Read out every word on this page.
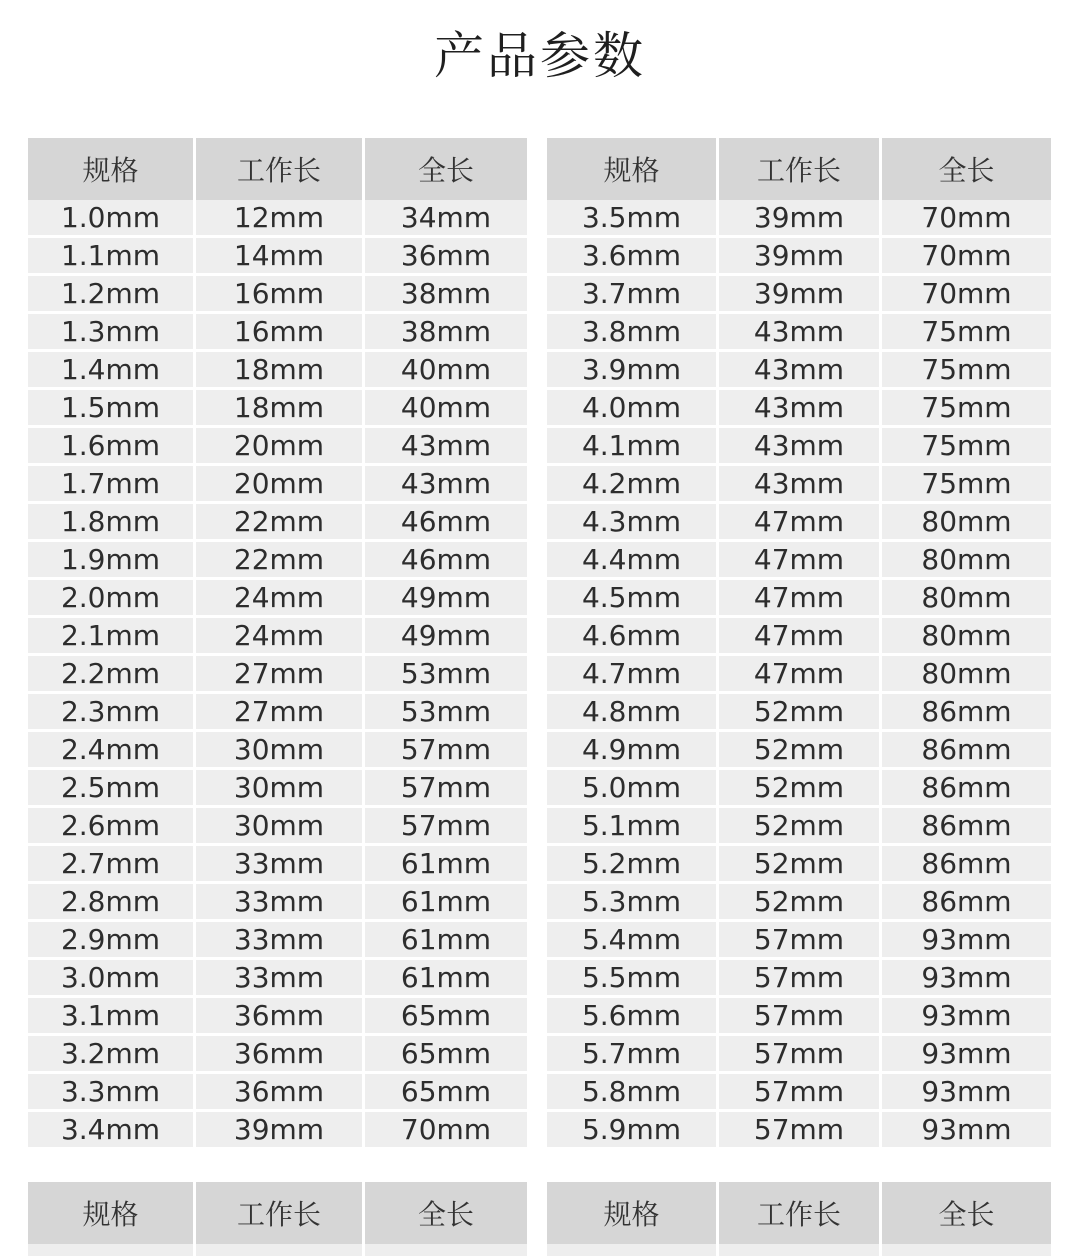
产品参数
规格	工作长	全长
1.0mm	12mm	34mm
1.1mm	14mm	36mm
1.2mm	16mm	38mm
1.3mm	16mm	38mm
1.4mm	18mm	40mm
1.5mm	18mm	40mm
1.6mm	20mm	43mm
1.7mm	20mm	43mm
1.8mm	22mm	46mm
1.9mm	22mm	46mm
2.0mm	24mm	49mm
2.1mm	24mm	49mm
2.2mm	27mm	53mm
2.3mm	27mm	53mm
2.4mm	30mm	57mm
2.5mm	30mm	57mm
2.6mm	30mm	57mm
2.7mm	33mm	61mm
2.8mm	33mm	61mm
2.9mm	33mm	61mm
3.0mm	33mm	61mm
3.1mm	36mm	65mm
3.2mm	36mm	65mm
3.3mm	36mm	65mm
3.4mm	39mm	70mm
规格	工作长	全长
3.5mm	39mm	70mm
3.6mm	39mm	70mm
3.7mm	39mm	70mm
3.8mm	43mm	75mm
3.9mm	43mm	75mm
4.0mm	43mm	75mm
4.1mm	43mm	75mm
4.2mm	43mm	75mm
4.3mm	47mm	80mm
4.4mm	47mm	80mm
4.5mm	47mm	80mm
4.6mm	47mm	80mm
4.7mm	47mm	80mm
4.8mm	52mm	86mm
4.9mm	52mm	86mm
5.0mm	52mm	86mm
5.1mm	52mm	86mm
5.2mm	52mm	86mm
5.3mm	52mm	86mm
5.4mm	57mm	93mm
5.5mm	57mm	93mm
5.6mm	57mm	93mm
5.7mm	57mm	93mm
5.8mm	57mm	93mm
5.9mm	57mm	93mm
规格	工作长	全长
			规格	工作长	全长
